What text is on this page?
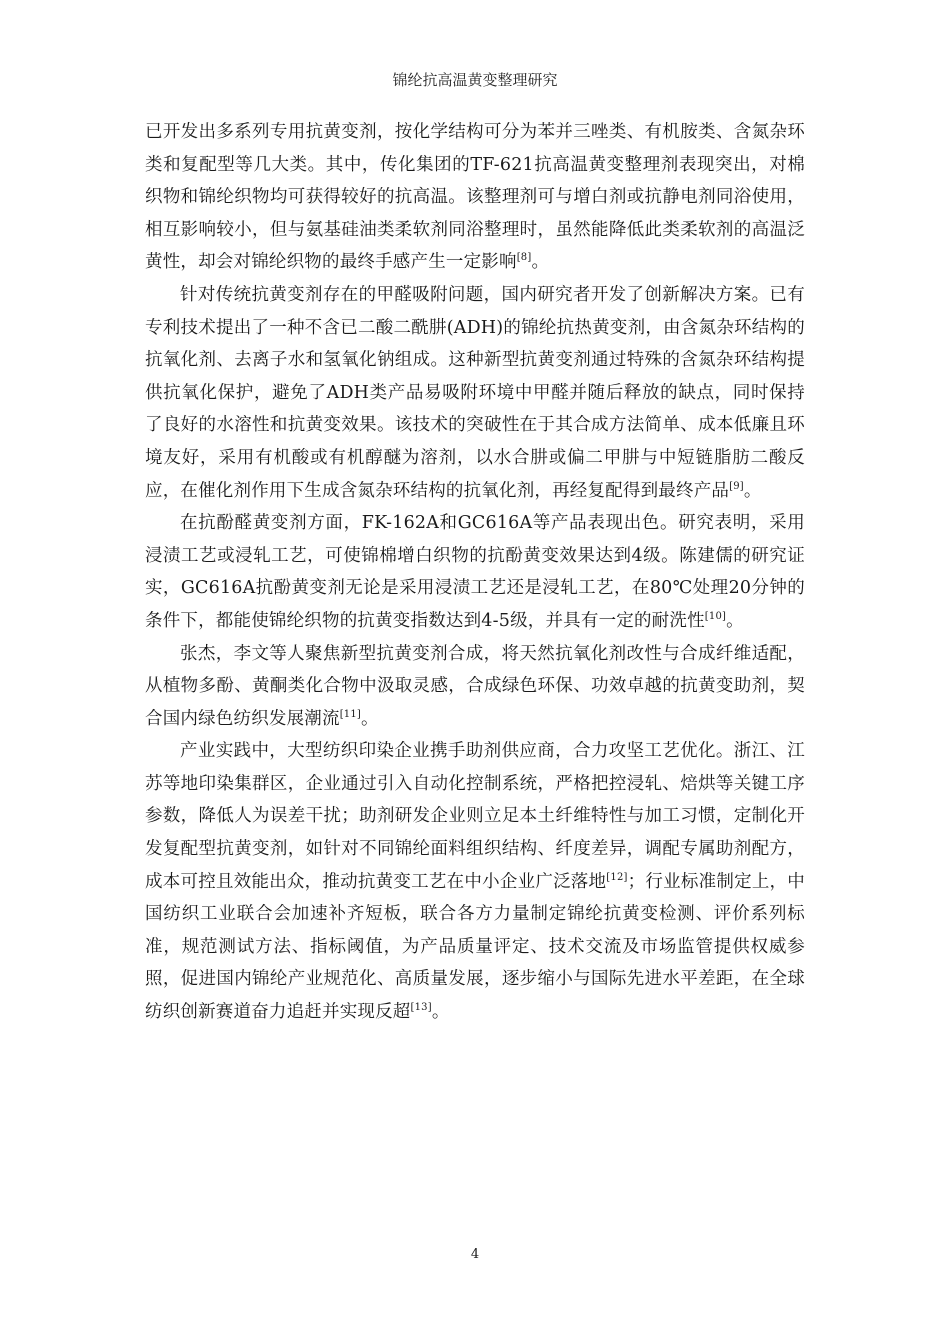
锦纶抗高温黄变整理研究

已开发出多系列专用抗黄变剂，按化学结构可分为苯并三唑类、有机胺类、含氮杂环类和复配型等几大类。其中，传化集团的TF-621抗高温黄变整理剂表现突出，对棉织物和锦纶织物均可获得较好的抗高温。该整理剂可与增白剂或抗静电剂同浴使用，相互影响较小，但与氨基硅油类柔软剂同浴整理时，虽然能降低此类柔软剂的高温泛黄性，却会对锦纶织物的最终手感产生一定影响[8]。

针对传统抗黄变剂存在的甲醛吸附问题，国内研究者开发了创新解决方案。已有专利技术提出了一种不含已二酸二酰肼(ADH)的锦纶抗热黄变剂，由含氮杂环结构的抗氧化剂、去离子水和氢氧化钠组成。这种新型抗黄变剂通过特殊的含氮杂环结构提供抗氧化保护，避免了ADH类产品易吸附环境中甲醛并随后释放的缺点，同时保持了良好的水溶性和抗黄变效果。该技术的突破性在于其合成方法简单、成本低廉且环境友好，采用有机酸或有机醇醚为溶剂，以水合肼或偏二甲肼与中短链脂肪二酸反应，在催化剂作用下生成含氮杂环结构的抗氧化剂，再经复配得到最终产品[9]。

在抗酚醛黄变剂方面，FK-162A和GC616A等产品表现出色。研究表明，采用浸渍工艺或浸轧工艺，可使锦棉增白织物的抗酚黄变效果达到4级。陈建儒的研究证实，GC616A抗酚黄变剂无论是采用浸渍工艺还是浸轧工艺，在80℃处理20分钟的条件下，都能使锦纶织物的抗黄变指数达到4-5级，并具有一定的耐洗性[10]。

张杰，李文等人聚焦新型抗黄变剂合成，将天然抗氧化剂改性与合成纤维适配，从植物多酚、黄酮类化合物中汲取灵感，合成绿色环保、功效卓越的抗黄变助剂，契合国内绿色纺织发展潮流[11]。

产业实践中，大型纺织印染企业携手助剂供应商，合力攻坚工艺优化。浙江、江苏等地印染集群区，企业通过引入自动化控制系统，严格把控浸轧、焙烘等关键工序参数，降低人为误差干扰；助剂研发企业则立足本土纤维特性与加工习惯，定制化开发复配型抗黄变剂，如针对不同锦纶面料组织结构、纤度差异，调配专属助剂配方，成本可控且效能出众，推动抗黄变工艺在中小企业广泛落地[12]；行业标准制定上，中国纺织工业联合会加速补齐短板，联合各方力量制定锦纶抗黄变检测、评价系列标准，规范测试方法、指标阈值，为产品质量评定、技术交流及市场监管提供权威参照，促进国内锦纶产业规范化、高质量发展，逐步缩小与国际先进水平差距，在全球纺织创新赛道奋力追赶并实现反超[13]。

4
